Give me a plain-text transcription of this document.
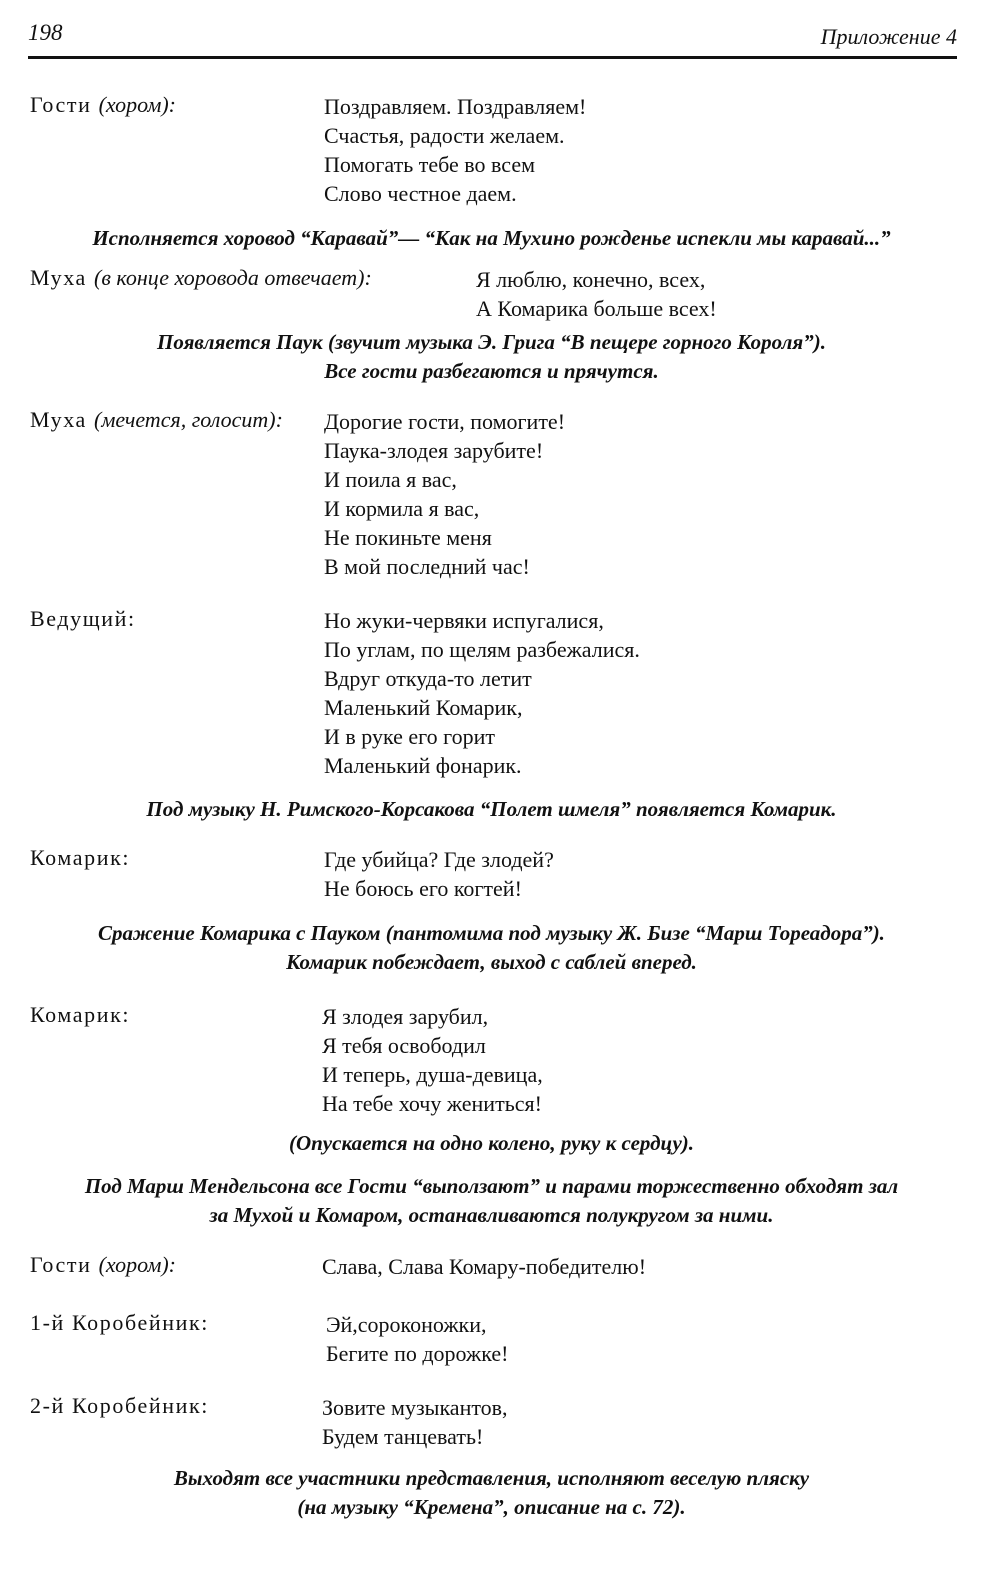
198	Приложение 4
Гости (хором):	Поздравляем. Поздравляем!
Счастья, радости желаем.
Помогать тебе во всем
Слово честное даем.
Исполняется хоровод “Каравай”— “Как на Мухино рожденье испекли мы каравай...”
Муха (в конце хоровода отвечает):	Я люблю, конечно, всех,
А Комарика больше всех!
Появляется Паук (звучит музыка Э. Грига “В пещере горного Короля”).
Все гости разбегаются и прячутся.
Муха (мечется, голосит): Дорогие гости, помогите!
Паука-злодея зарубите!
И поила я вас,
И кормила я вас,
Не покиньте меня
В мой последний час!
Ведущий:	Но жуки-червяки испугалися,
По углам, по щелям разбежалися.
Вдруг откуда-то летит
Маленький Комарик,
И в руке его горит
Маленький фонарик.
Под музыку Н. Римского-Корсакова “Полет шмеля” появляется Комарик.
Комарик:	Где убийца? Где злодей?
Не боюсь его когтей!
Сражение Комарика с Пауком (пантомима под музыку Ж. Бизе “Марш Тореадора”).
Комарик побеждает, выход с саблей вперед.
Комарик:	Я злодея зарубил,
Я тебя освободил
И теперь, душа-девица,
На тебе хочу жениться!
(Опускается на одно колено, руку к сердцу).
Под Марш Мендельсона все Гости “выползают” и парами торжественно обходят зал
за Мухой и Комаром, останавливаются полукругом за ними.
Гости (хором):	Слава, Слава Комару-победителю!
1-й Коробейник:	Эй,сороконожки,
Бегите по дорожке!
2-й Коробейник:	Зовите музыкантов,
Будем танцевать!
Выходят все участники представления, исполняют веселую пляску
(на музыку “Кремена”, описание на с. 72).
